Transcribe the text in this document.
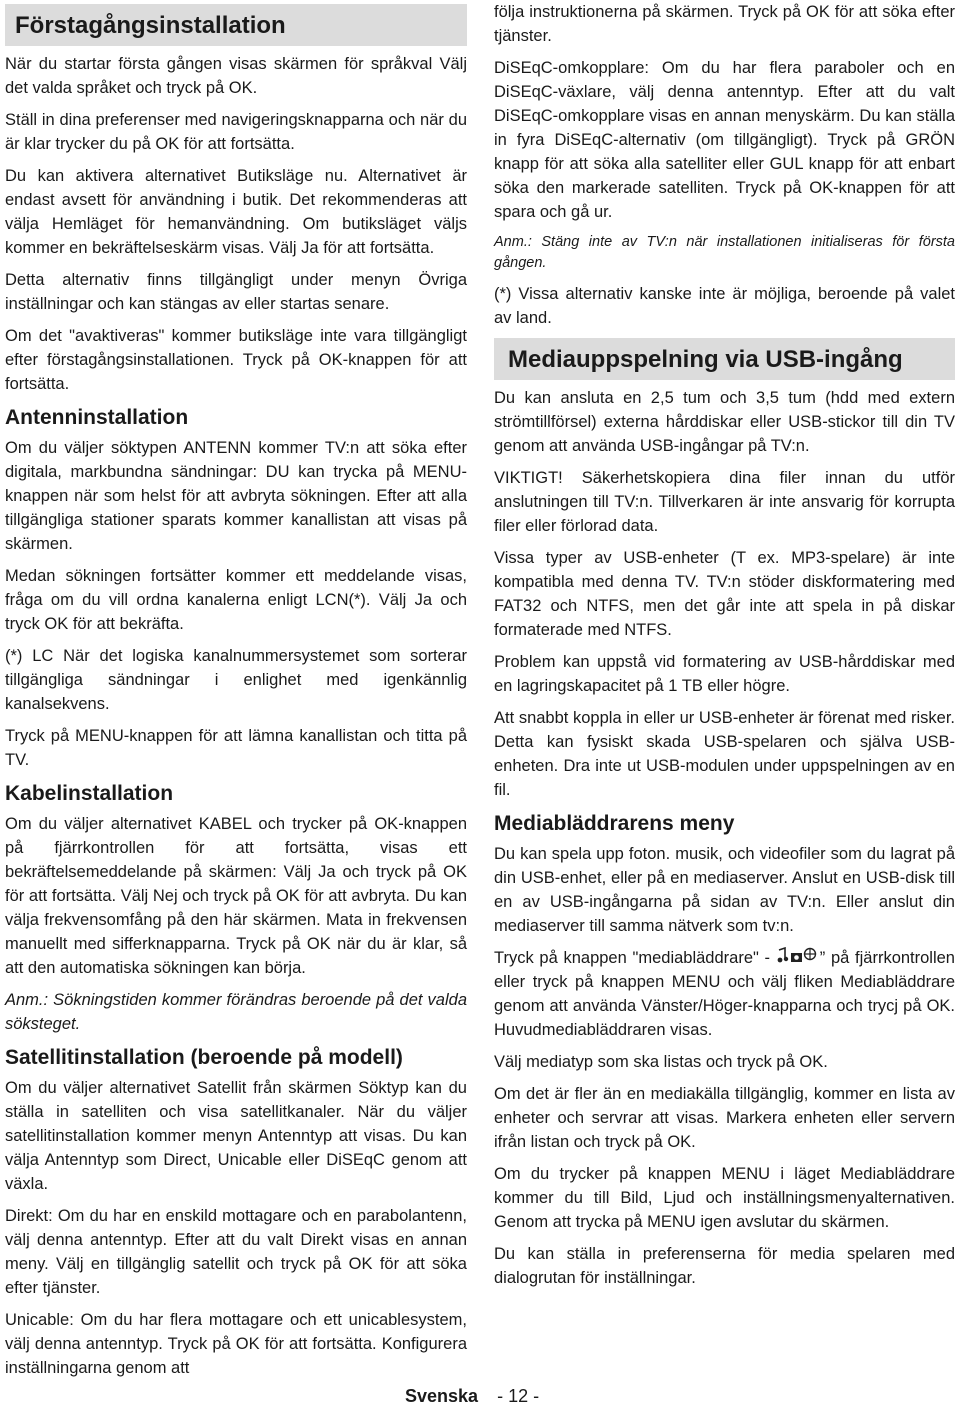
Förstagångsinstallation

När du startar första gången visas skärmen för språkval Välj det valda språket och tryck på OK.

Ställ in dina preferenser med navigeringsknapparna och när du är klar trycker du på OK för att fortsätta.

Du kan aktivera alternativet Butiksläge nu. Alternativet är endast avsett för användning i butik. Det rekommenderas att välja Hemläget för hemanvändning. Om butiksläget väljs kommer en bekräftelseskärm visas. Välj Ja för att fortsätta.

Detta alternativ finns tillgängligt under menyn Övriga inställningar och kan stängas av eller startas senare.

Om det "avaktiveras" kommer butiksläge inte vara tillgängligt efter förstagångsinstallationen. Tryck på OK-knappen för att fortsätta.

Antenninstallation

Om du väljer söktypen ANTENN kommer TV:n att söka efter digitala, markbundna sändningar: DU kan trycka på MENU-knappen när som helst för att avbryta sökningen. Efter att alla tillgängliga stationer sparats kommer kanallistan att visas på skärmen.

Medan sökningen fortsätter kommer ett meddelande visas, fråga om du vill ordna kanalerna enligt LCN(*). Välj Ja och tryck OK för att bekräfta.

(*) LC När det logiska kanalnummersystemet som sorterar tillgängliga sändningar i enlighet med igenkännlig kanalsekvens.

Tryck på MENU-knappen för att lämna kanallistan och titta på TV.

Kabelinstallation

Om du väljer alternativet KABEL och trycker på OK-knappen på fjärrkontrollen för att fortsätta, visas ett bekräftelsemeddelande på skärmen: Välj Ja och tryck på OK för att fortsätta. Välj Nej och tryck på OK för att avbryta. Du kan välja frekvensomfång på den här skärmen. Mata in frekvensen manuellt med sifferknapparna. Tryck på OK när du är klar, så att den automatiska sökningen kan börja.

Anm.: Sökningstiden kommer förändras beroende på det valda söksteget.

Satellitinstallation (beroende på modell)

Om du väljer alternativet Satellit från skärmen Söktyp kan du ställa in satelliten och visa satellitkanaler. När du väljer satellitinstallation kommer menyn Antenntyp att visas. Du kan välja Antenntyp som Direct, Unicable eller DiSEqC genom att växla.

Direkt: Om du har en enskild mottagare och en parabolantenn, välj denna antenntyp. Efter att du valt Direkt visas en annan meny. Välj en tillgänglig satellit och tryck på OK för att söka efter tjänster.

Unicable: Om du har flera mottagare och ett unicablesystem, välj denna antenntyp. Tryck på OK för att fortsätta. Konfigurera inställningarna genom att

följa instruktionerna på skärmen. Tryck på OK för att söka efter tjänster.

DiSEqC-omkopplare: Om du har flera paraboler och en DiSEqC-växlare, välj denna antenntyp. Efter att du valt DiSEqC-omkopplare visas en annan menyskärm. Du kan ställa in fyra DiSEqC-alternativ (om tillgängligt). Tryck på GRÖN knapp för att söka alla satelliter eller GUL knapp för att enbart söka den markerade satelliten. Tryck på OK-knappen för att spara och gå ur.

Anm.: Stäng inte av TV:n när installationen initialiseras för första gången.

(*) Vissa alternativ kanske inte är möjliga, beroende på valet av land.

Mediauppspelning via USB-ingång

Du kan ansluta en 2,5 tum och 3,5 tum (hdd med extern strömtillförsel) externa hårddiskar eller USB-stickor till din TV genom att använda USB-ingångar på TV:n.

VIKTIGT! Säkerhetskopiera dina filer innan du utför anslutningen till TV:n. Tillverkaren är inte ansvarig för korrupta filer eller förlorad data.

Vissa typer av USB-enheter (T ex. MP3-spelare) är inte kompatibla med denna TV. TV:n stöder diskformatering med FAT32 och NTFS, men det går inte att spela in på diskar formaterade med NTFS.

Problem kan uppstå vid formatering av USB-hårddiskar med en lagringskapacitet på 1 TB eller högre.

Att snabbt koppla in eller ur USB-enheter är förenat med risker. Detta kan fysiskt skada USB-spelaren och själva USB-enheten. Dra inte ut USB-modulen under uppspelningen av en fil.

Mediabläddrarens meny

Du kan spela upp foton. musik, och videofiler som du lagrat på din USB-enhet, eller på en mediaserver. Anslut en USB-disk till en av USB-ingångarna på sidan av TV:n. Eller anslut din mediaserver till samma nätverk som tv:n.

Tryck på knappen "mediabläddrare" -	” på fjärrkontrollen eller tryck på knappen MENU och välj fliken Mediabläddrare genom att använda Vänster/Höger-knapparna och trycj på OK. Huvudmediabläddraren visas.

Välj mediatyp som ska listas och tryck på OK.

Om det är fler än en mediakälla tillgänglig, kommer en lista av enheter och servrar att visas. Markera enheten eller servern ifrån listan och tryck på OK.

Om du trycker på knappen MENU i läget Mediabläddrare kommer du till Bild, Ljud och inställningsmenyalternativen. Genom att trycka på MENU igen avslutar du skärmen.

Du kan ställa in preferenserna för media spelaren med dialogrutan för inställningar.

Svenska - 12 -
